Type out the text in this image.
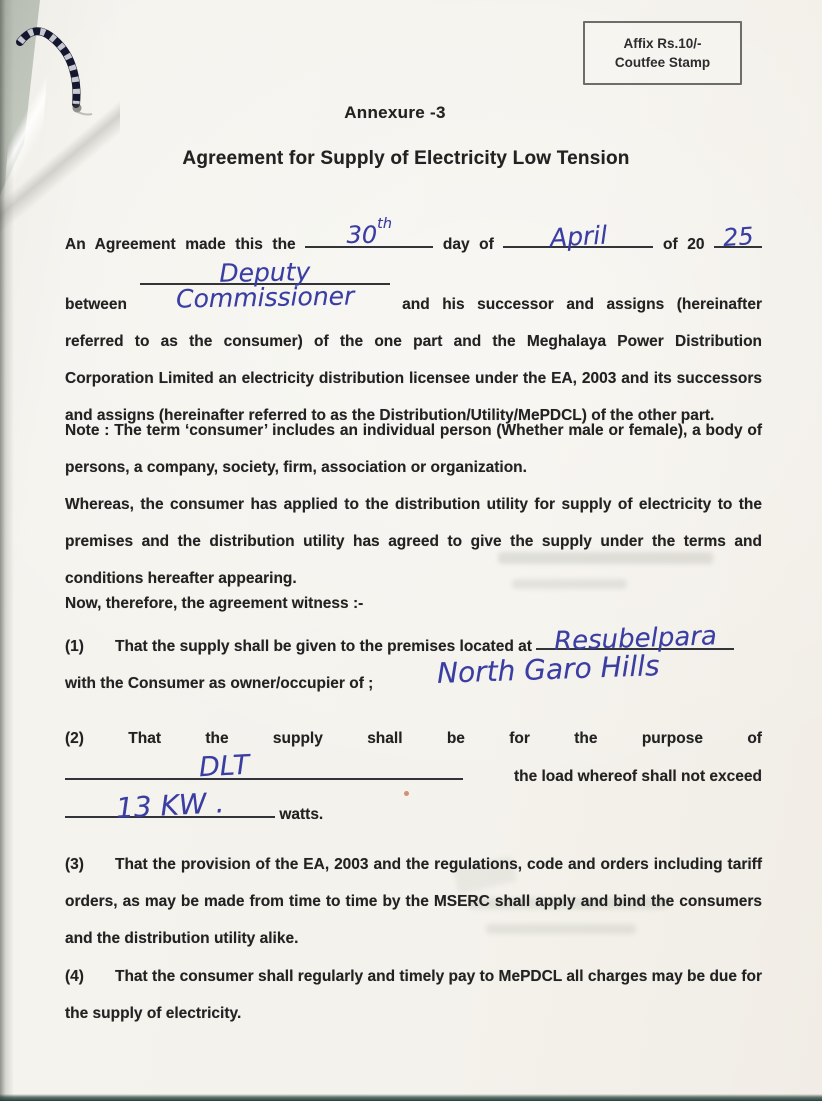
Affix Rs.10/-
Coutfee Stamp
Annexure -3
Agreement for Supply of Electricity Low Tension
An Agreement made this the 30th day of April	of 20 25 between Deputy Commissioner	and his successor and assigns (hereinafter referred to as the consumer) of the one part and the Meghalaya Power Distribution Corporation Limited an electricity distribution licensee under the EA, 2003 and its successors and assigns (hereinafter referred to as the Distribution/Utility/MePDCL) of the other part.
Note : The term ‘consumer’ includes an individual person (Whether male or female), a body of persons, a company, society, firm, association or organization.
Whereas, the consumer has applied to the distribution utility for supply of electricity to the premises and the distribution utility has agreed to give the supply under the terms and conditions hereafter appearing.
Now, therefore, the agreement witness :-
(1) That the supply shall be given to the premises located at Resubelpara
with the Consumer as owner/occupier of ;	North Garo Hills
(2)	That	the	supply	shall	be	for	the	purpose	of
DLT	the load whereof shall not exceed
13 KW .	watts.
(3) That the provision of the EA, 2003 and the regulations, code and orders including tariff orders, as may be made from time to time by the MSERC shall apply and bind the consumers and the distribution utility alike.
(4) That the consumer shall regularly and timely pay to MePDCL all charges may be due for the supply of electricity.
